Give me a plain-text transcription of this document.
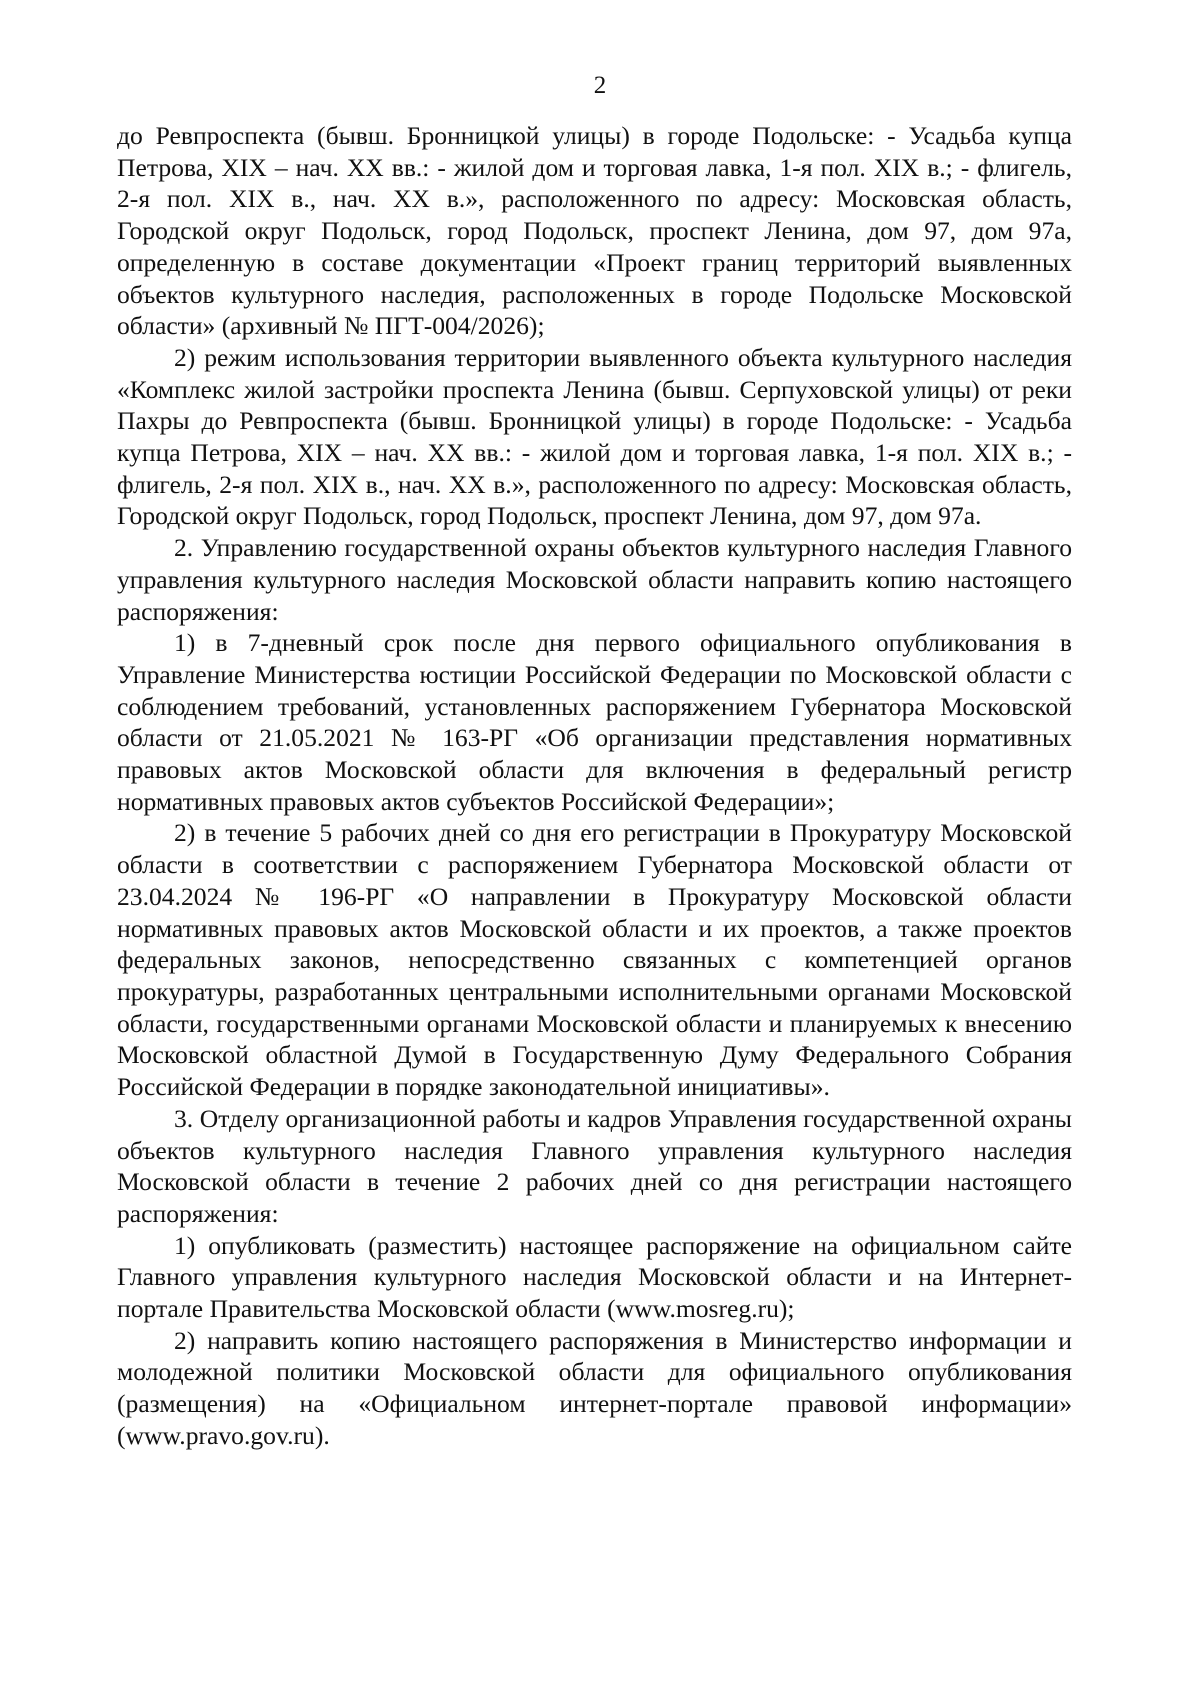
2

до Ревпроспекта (бывш. Бронницкой улицы) в городе Подольске: - Усадьба купца Петрова, XIX – нач. XX вв.: - жилой дом и торговая лавка, 1-я пол. XIX в.; - флигель, 2-я пол. XIX в., нач. XX в.», расположенного по адресу: Московская область, Городской округ Подольск, город Подольск, проспект Ленина, дом 97, дом 97а, определенную в составе документации «Проект границ территорий выявленных объектов культурного наследия, расположенных в городе Подольске Московской области» (архивный № ПГТ-004/2026);

2) режим использования территории выявленного объекта культурного наследия «Комплекс жилой застройки проспекта Ленина (бывш. Серпуховской улицы) от реки Пахры до Ревпроспекта (бывш. Бронницкой улицы) в городе Подольске: - Усадьба купца Петрова, XIX – нач. XX вв.: - жилой дом и торговая лавка, 1-я пол. XIX в.; - флигель, 2-я пол. XIX в., нач. XX в.», расположенного по адресу: Московская область, Городской округ Подольск, город Подольск, проспект Ленина, дом 97, дом 97а.

2. Управлению государственной охраны объектов культурного наследия Главного управления культурного наследия Московской области направить копию настоящего распоряжения:

1) в 7-дневный срок после дня первого официального опубликования в Управление Министерства юстиции Российской Федерации по Московской области с соблюдением требований, установленных распоряжением Губернатора Московской области от 21.05.2021 № 163-РГ «Об организации представления нормативных правовых актов Московской области для включения в федеральный регистр нормативных правовых актов субъектов Российской Федерации»;

2) в течение 5 рабочих дней со дня его регистрации в Прокуратуру Московской области в соответствии с распоряжением Губернатора Московской области от 23.04.2024 № 196-РГ «О направлении в Прокуратуру Московской области нормативных правовых актов Московской области и их проектов, а также проектов федеральных законов, непосредственно связанных с компетенцией органов прокуратуры, разработанных центральными исполнительными органами Московской области, государственными органами Московской области и планируемых к внесению Московской областной Думой в Государственную Думу Федерального Собрания Российской Федерации в порядке законодательной инициативы».

3. Отделу организационной работы и кадров Управления государственной охраны объектов культурного наследия Главного управления культурного наследия Московской области в течение 2 рабочих дней со дня регистрации настоящего распоряжения:

1) опубликовать (разместить) настоящее распоряжение на официальном сайте Главного управления культурного наследия Московской области и на Интернет-портале Правительства Московской области (www.mosreg.ru);

2) направить копию настоящего распоряжения в Министерство информации и молодежной политики Московской области для официального опубликования (размещения) на «Официальном интернет-портале правовой информации» (www.pravo.gov.ru).
